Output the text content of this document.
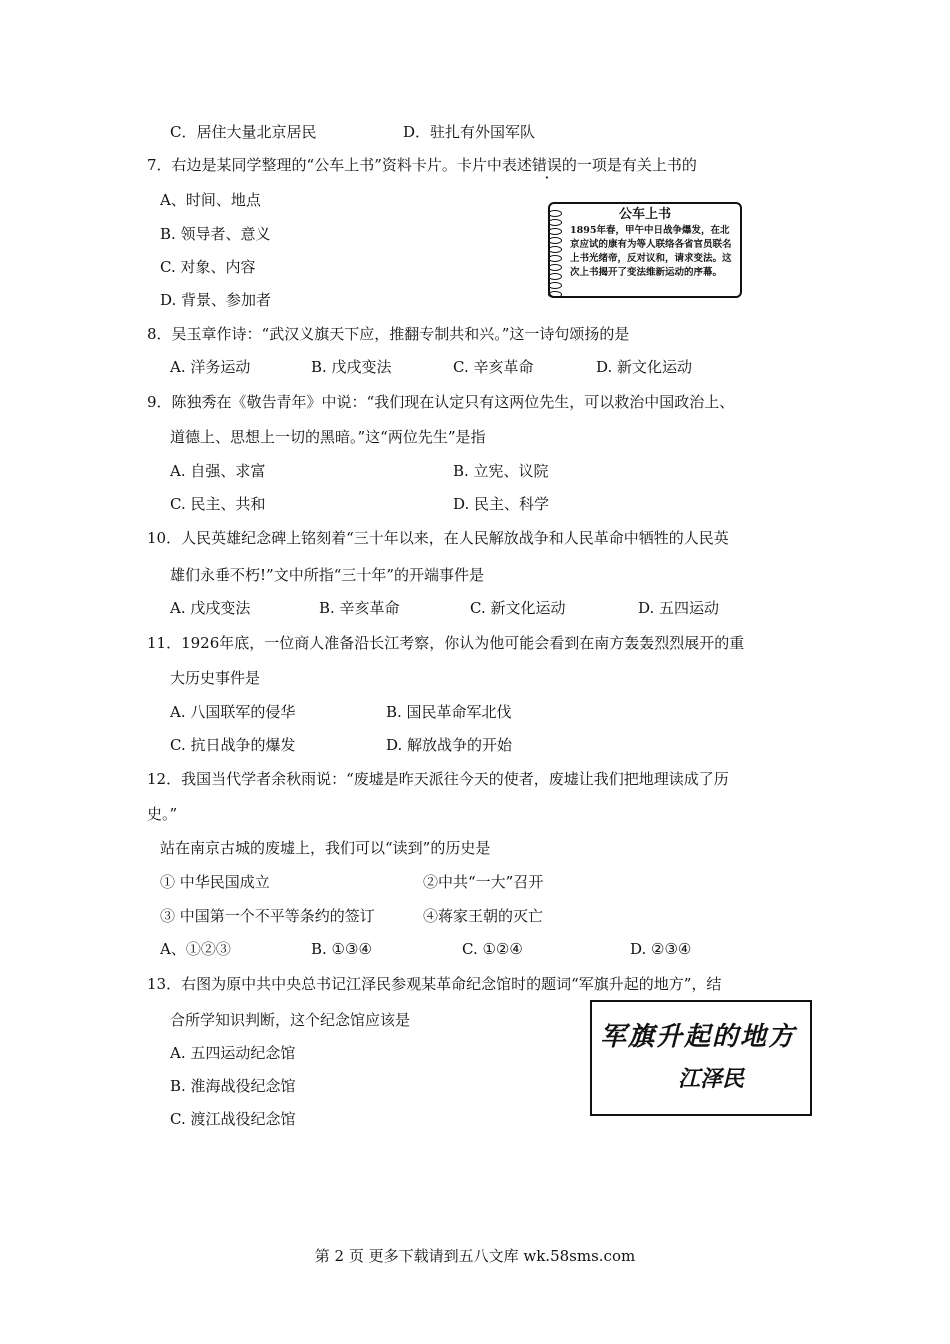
C．居住大量北京居民	D．驻扎有外国军队
7．右边是某同学整理的“公车上书”资料卡片。卡片中表述错误的一项是有关上书的
A、时间、地点
B. 领导者、意义
C. 对象、内容
D. 背景、参加者
公车上书
1895年春，甲午中日战争爆发，在北京应试的康有为等人联络各省官员联名上书光绪帝，反对议和，请求变法。这次上书揭开了变法维新运动的序幕。
8．吴玉章作诗：“武汉义旗天下应，推翻专制共和兴。”这一诗句颂扬的是
A. 洋务运动	B. 戊戌变法	C. 辛亥革命	D. 新文化运动
9．陈独秀在《敬告青年》中说：“我们现在认定只有这两位先生，可以救治中国政治上、
道德上、思想上一切的黑暗。”这“两位先生”是指
A. 自强、求富	B. 立宪、议院
C. 民主、共和	D. 民主、科学
10．人民英雄纪念碑上铭刻着“三十年以来，在人民解放战争和人民革命中牺牲的人民英
雄们永垂不朽!”文中所指“三十年”的开端事件是
A. 戊戌变法	B. 辛亥革命	C. 新文化运动	D. 五四运动
11．1926年底，一位商人准备沿长江考察，你认为他可能会看到在南方轰轰烈烈展开的重
大历史事件是
A. 八国联军的侵华	B. 国民革命军北伐
C. 抗日战争的爆发	D. 解放战争的开始
12．我国当代学者余秋雨说：“废墟是昨天派往今天的使者，废墟让我们把地理读成了历
史。”
站在南京古城的废墟上，我们可以“读到”的历史是
① 中华民国成立	②中共“一大”召开
③ 中国第一个不平等条约的签订	④蒋家王朝的灭亡
A、①②③	B. ①③④	C. ①②④	D. ②③④
13．右图为原中共中央总书记江泽民参观某革命纪念馆时的题词“军旗升起的地方”，结
合所学知识判断，这个纪念馆应该是
A. 五四运动纪念馆
B. 淮海战役纪念馆
C. 渡江战役纪念馆
军旗升起的地方
江泽民
第 2 页 更多下载请到五八文库 wk.58sms.com
